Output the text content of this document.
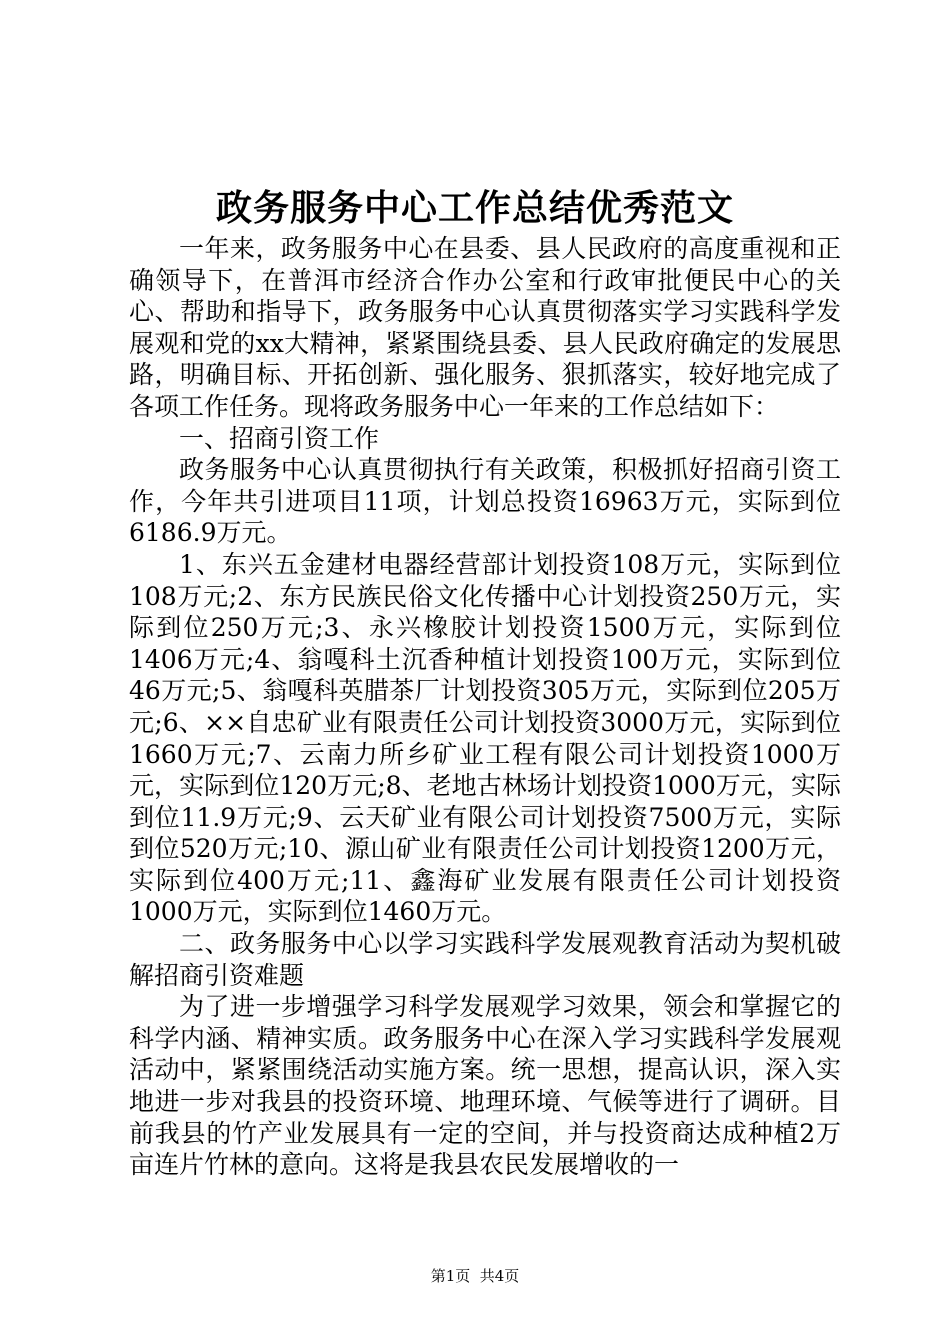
政务服务中心工作总结优秀范文

一年来，政务服务中心在县委、县人民政府的高度重视和正确领导下，在普洱市经济合作办公室和行政审批便民中心的关心、帮助和指导下，政务服务中心认真贯彻落实学习实践科学发展观和党的xx大精神，紧紧围绕县委、县人民政府确定的发展思路，明确目标、开拓创新、强化服务、狠抓落实，较好地完成了各项工作任务。现将政务服务中心一年来的工作总结如下：

一、招商引资工作

政务服务中心认真贯彻执行有关政策，积极抓好招商引资工作，今年共引进项目11项，计划总投资16963万元，实际到位6186.9万元。

1、东兴五金建材电器经营部计划投资108万元，实际到位108万元;2、东方民族民俗文化传播中心计划投资250万元，实际到位250万元;3、永兴橡胶计划投资1500万元，实际到位1406万元;4、翁嘎科土沉香种植计划投资100万元，实际到位46万元;5、翁嘎科英腊茶厂计划投资305万元，实际到位205万元;6、××自忠矿业有限责任公司计划投资3000万元，实际到位1660万元;7、云南力所乡矿业工程有限公司计划投资1000万元，实际到位120万元;8、老地古林场计划投资1000万元，实际到位11.9万元;9、云天矿业有限公司计划投资7500万元，实际到位520万元;10、源山矿业有限责任公司计划投资1200万元，实际到位400万元;11、鑫海矿业发展有限责任公司计划投资1000万元，实际到位1460万元。

二、政务服务中心以学习实践科学发展观教育活动为契机破解招商引资难题

为了进一步增强学习科学发展观学习效果，领会和掌握它的科学内涵、精神实质。政务服务中心在深入学习实践科学发展观活动中，紧紧围绕活动实施方案。统一思想，提高认识，深入实地进一步对我县的投资环境、地理环境、气候等进行了调研。目前我县的竹产业发展具有一定的空间，并与投资商达成种植2万亩连片竹林的意向。这将是我县农民发展增收的一

第1页  共4页
